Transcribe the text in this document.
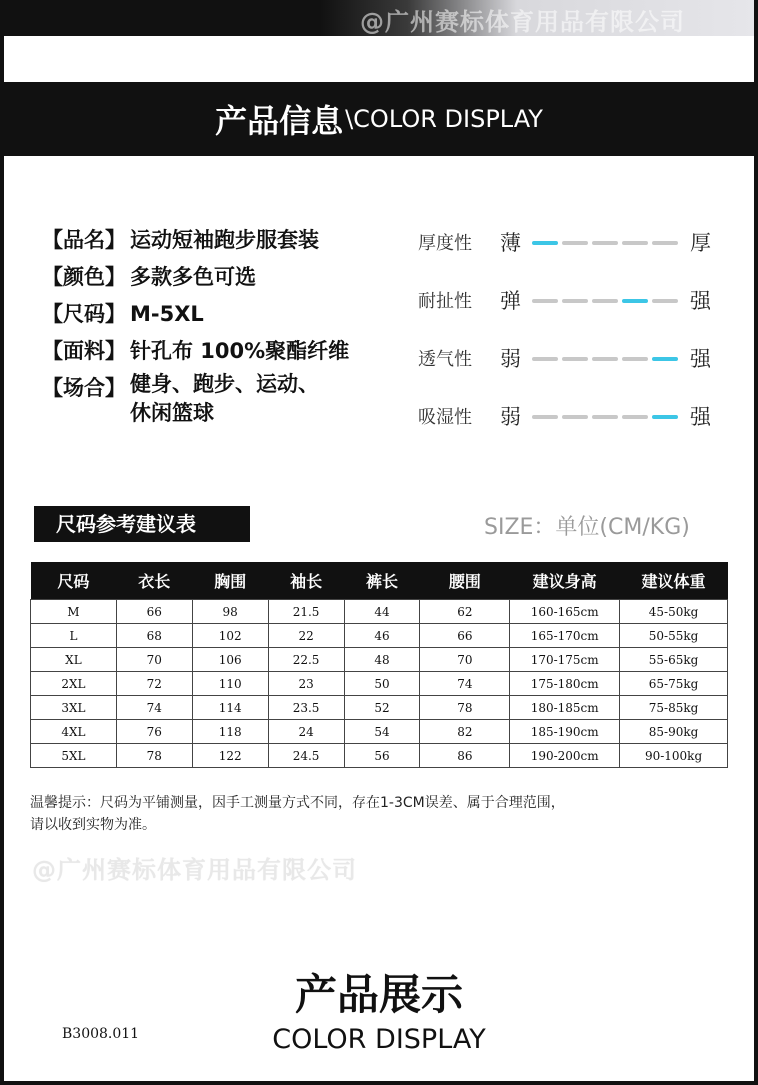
@广州赛标体育用品有限公司
产品信息 \COLOR DISPLAY
【品名】 运动短袖跑步服套装
【颜色】 多款多色可选
【尺码】 M-5XL
【面料】 针孔布 100%聚酯纤维
【场合】 健身、跑步、运动、
休闲篮球
厚度性 薄	厚
耐扯性 弹	强
透气性 弱	强
吸湿性 弱	强
尺码参考建议表	SIZE：单位(CM/KG)
尺码	衣长	胸围	袖长	裤长	腰围	建议身高	建议体重
M	66	98	21.5	44	62	160-165cm	45-50kg
L	68	102	22	46	66	165-170cm	50-55kg
XL	70	106	22.5	48	70	170-175cm	55-65kg
2XL	72	110	23	50	74	175-180cm	65-75kg
3XL	74	114	23.5	52	78	180-185cm	75-85kg
4XL	76	118	24	54	82	185-190cm	85-90kg
5XL	78	122	24.5	56	86	190-200cm	90-100kg
温馨提示：尺码为平铺测量，因手工测量方式不同，存在1-3CM误差、属于合理范围，
请以收到实物为准。
@广州赛标体育用品有限公司
产品展示
B3008.011	COLOR DISPLAY
